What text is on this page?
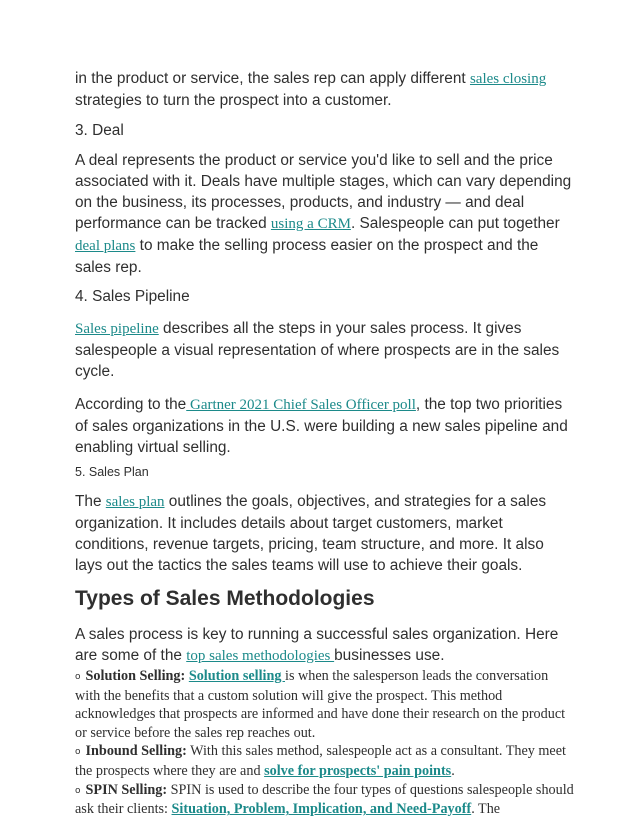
in the product or service, the sales rep can apply different sales closing strategies to turn the prospect into a customer.

3. Deal

A deal represents the product or service you'd like to sell and the price associated with it. Deals have multiple stages, which can vary depending on the business, its processes, products, and industry — and deal performance can be tracked using a CRM. Salespeople can put together deal plans to make the selling process easier on the prospect and the sales rep.

4. Sales Pipeline

Sales pipeline describes all the steps in your sales process. It gives salespeople a visual representation of where prospects are in the sales cycle.

According to the Gartner 2021 Chief Sales Officer poll, the top two priorities of sales organizations in the U.S. were building a new sales pipeline and enabling virtual selling.

5. Sales Plan

The sales plan outlines the goals, objectives, and strategies for a sales organization. It includes details about target customers, market conditions, revenue targets, pricing, team structure, and more. It also lays out the tactics the sales teams will use to achieve their goals.

Types of Sales Methodologies

A sales process is key to running a successful sales organization. Here are some of the top sales methodologies businesses use.

o Solution Selling: Solution selling is when the salesperson leads the conversation with the benefits that a custom solution will give the prospect. This method acknowledges that prospects are informed and have done their research on the product or service before the sales rep reaches out.

o Inbound Selling: With this sales method, salespeople act as a consultant. They meet the prospects where they are and solve for prospects' pain points.

o SPIN Selling: SPIN is used to describe the four types of questions salespeople should ask their clients: Situation, Problem, Implication, and Need-Payoff. The
